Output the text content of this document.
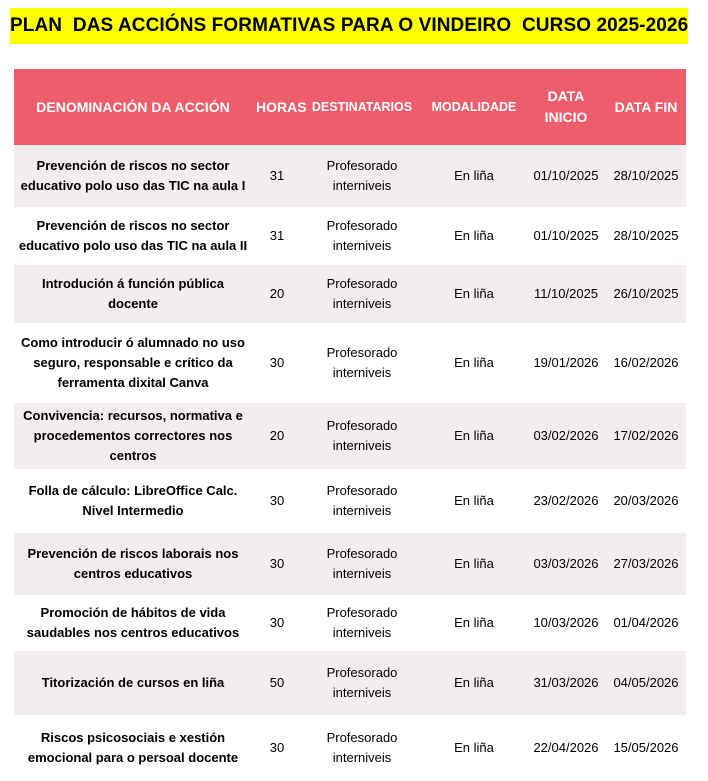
PLAN  DAS ACCIÓNS FORMATIVAS PARA O VINDEIRO  CURSO 2025-2026
DENOMINACIÓN DA ACCIÓN	HORAS	DESTINATARIOS	MODALIDADE	DATA INICIO	DATA FIN
Prevención de riscos no sector educativo polo uso das TIC na aula I	31	Profesorado interniveis	En liña	01/10/2025	28/10/2025
Prevención de riscos no sector educativo polo uso das TIC na aula II	31	Profesorado interniveis	En liña	01/10/2025	28/10/2025
Introdución á función pública docente	20	Profesorado interniveis	En liña	11/10/2025	26/10/2025
Como introducir ó alumnado no uso seguro, responsable e crítico da ferramenta dixital Canva	30	Profesorado interniveis	En liña	19/01/2026	16/02/2026
Convivencia: recursos, normativa e procedementos correctores nos centros	20	Profesorado interniveis	En liña	03/02/2026	17/02/2026
Folla de cálculo: LibreOffice Calc. Nivel Intermedio	30	Profesorado interniveis	En liña	23/02/2026	20/03/2026
Prevención de riscos laborais nos centros educativos	30	Profesorado interniveis	En liña	03/03/2026	27/03/2026
Promoción de hábitos de vida saudables nos centros educativos	30	Profesorado interniveis	En liña	10/03/2026	01/04/2026
Titorización de cursos en liña	50	Profesorado interniveis	En liña	31/03/2026	04/05/2026
Riscos psicosociais e xestión emocional para o persoal docente	30	Profesorado interniveis	En liña	22/04/2026	15/05/2026
